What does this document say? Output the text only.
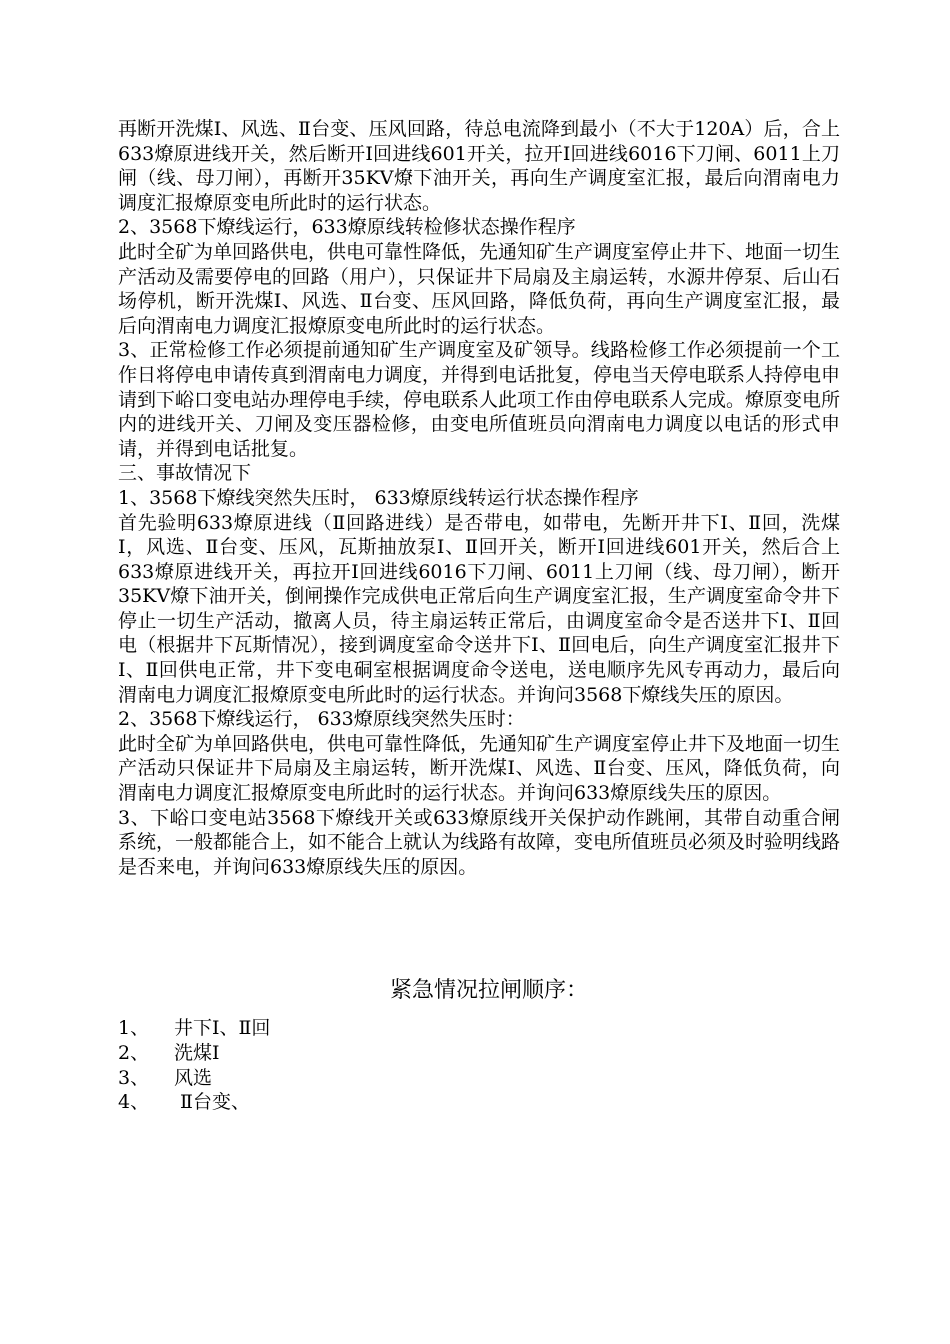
再断开洗煤Ⅰ、风选、Ⅱ台变、压风回路，待总电流降到最小（不大于120A）后，合上633燎原进线开关，然后断开Ⅰ回进线601开关，拉开Ⅰ回进线6016下刀闸、6011上刀闸（线、母刀闸），再断开35KV燎下油开关，再向生产调度室汇报，最后向渭南电力调度汇报燎原变电所此时的运行状态。

2、3568下燎线运行，633燎原线转检修状态操作程序

此时全矿为单回路供电，供电可靠性降低，先通知矿生产调度室停止井下、地面一切生产活动及需要停电的回路（用户），只保证井下局扇及主扇运转，水源井停泵、后山石场停机，断开洗煤Ⅰ、风选、Ⅱ台变、压风回路，降低负荷，再向生产调度室汇报，最后向渭南电力调度汇报燎原变电所此时的运行状态。

3、正常检修工作必须提前通知矿生产调度室及矿领导。线路检修工作必须提前一个工作日将停电申请传真到渭南电力调度，并得到电话批复，停电当天停电联系人持停电申请到下峪口变电站办理停电手续，停电联系人此项工作由停电联系人完成。燎原变电所内的进线开关、刀闸及变压器检修，由变电所值班员向渭南电力调度以电话的形式申请，并得到电话批复。

三、事故情况下

1、3568下燎线突然失压时， 633燎原线转运行状态操作程序

首先验明633燎原进线（Ⅱ回路进线）是否带电，如带电，先断开井下Ⅰ、Ⅱ回，洗煤Ⅰ，风选、Ⅱ台变、压风，瓦斯抽放泵Ⅰ、Ⅱ回开关，断开Ⅰ回进线601开关，然后合上633燎原进线开关，再拉开Ⅰ回进线6016下刀闸、6011上刀闸（线、母刀闸），断开35KV燎下油开关，倒闸操作完成供电正常后向生产调度室汇报，生产调度室命令井下停止一切生产活动，撤离人员，待主扇运转正常后，由调度室命令是否送井下Ⅰ、Ⅱ回电（根据井下瓦斯情况），接到调度室命令送井下Ⅰ、Ⅱ回电后，向生产调度室汇报井下Ⅰ、Ⅱ回供电正常，井下变电硐室根据调度命令送电，送电顺序先风专再动力，最后向渭南电力调度汇报燎原变电所此时的运行状态。并询问3568下燎线失压的原因。

2、3568下燎线运行， 633燎原线突然失压时：

此时全矿为单回路供电，供电可靠性降低，先通知矿生产调度室停止井下及地面一切生产活动只保证井下局扇及主扇运转，断开洗煤Ⅰ、风选、Ⅱ台变、压风，降低负荷，向渭南电力调度汇报燎原变电所此时的运行状态。并询问633燎原线失压的原因。

3、下峪口变电站3568下燎线开关或633燎原线开关保护动作跳闸，其带自动重合闸系统，一般都能合上，如不能合上就认为线路有故障，变电所值班员必须及时验明线路是否来电，并询问633燎原线失压的原因。

紧急情况拉闸顺序：
1、	井下Ⅰ、Ⅱ回
2、	洗煤Ⅰ
3、	风选
4、	Ⅱ台变、
